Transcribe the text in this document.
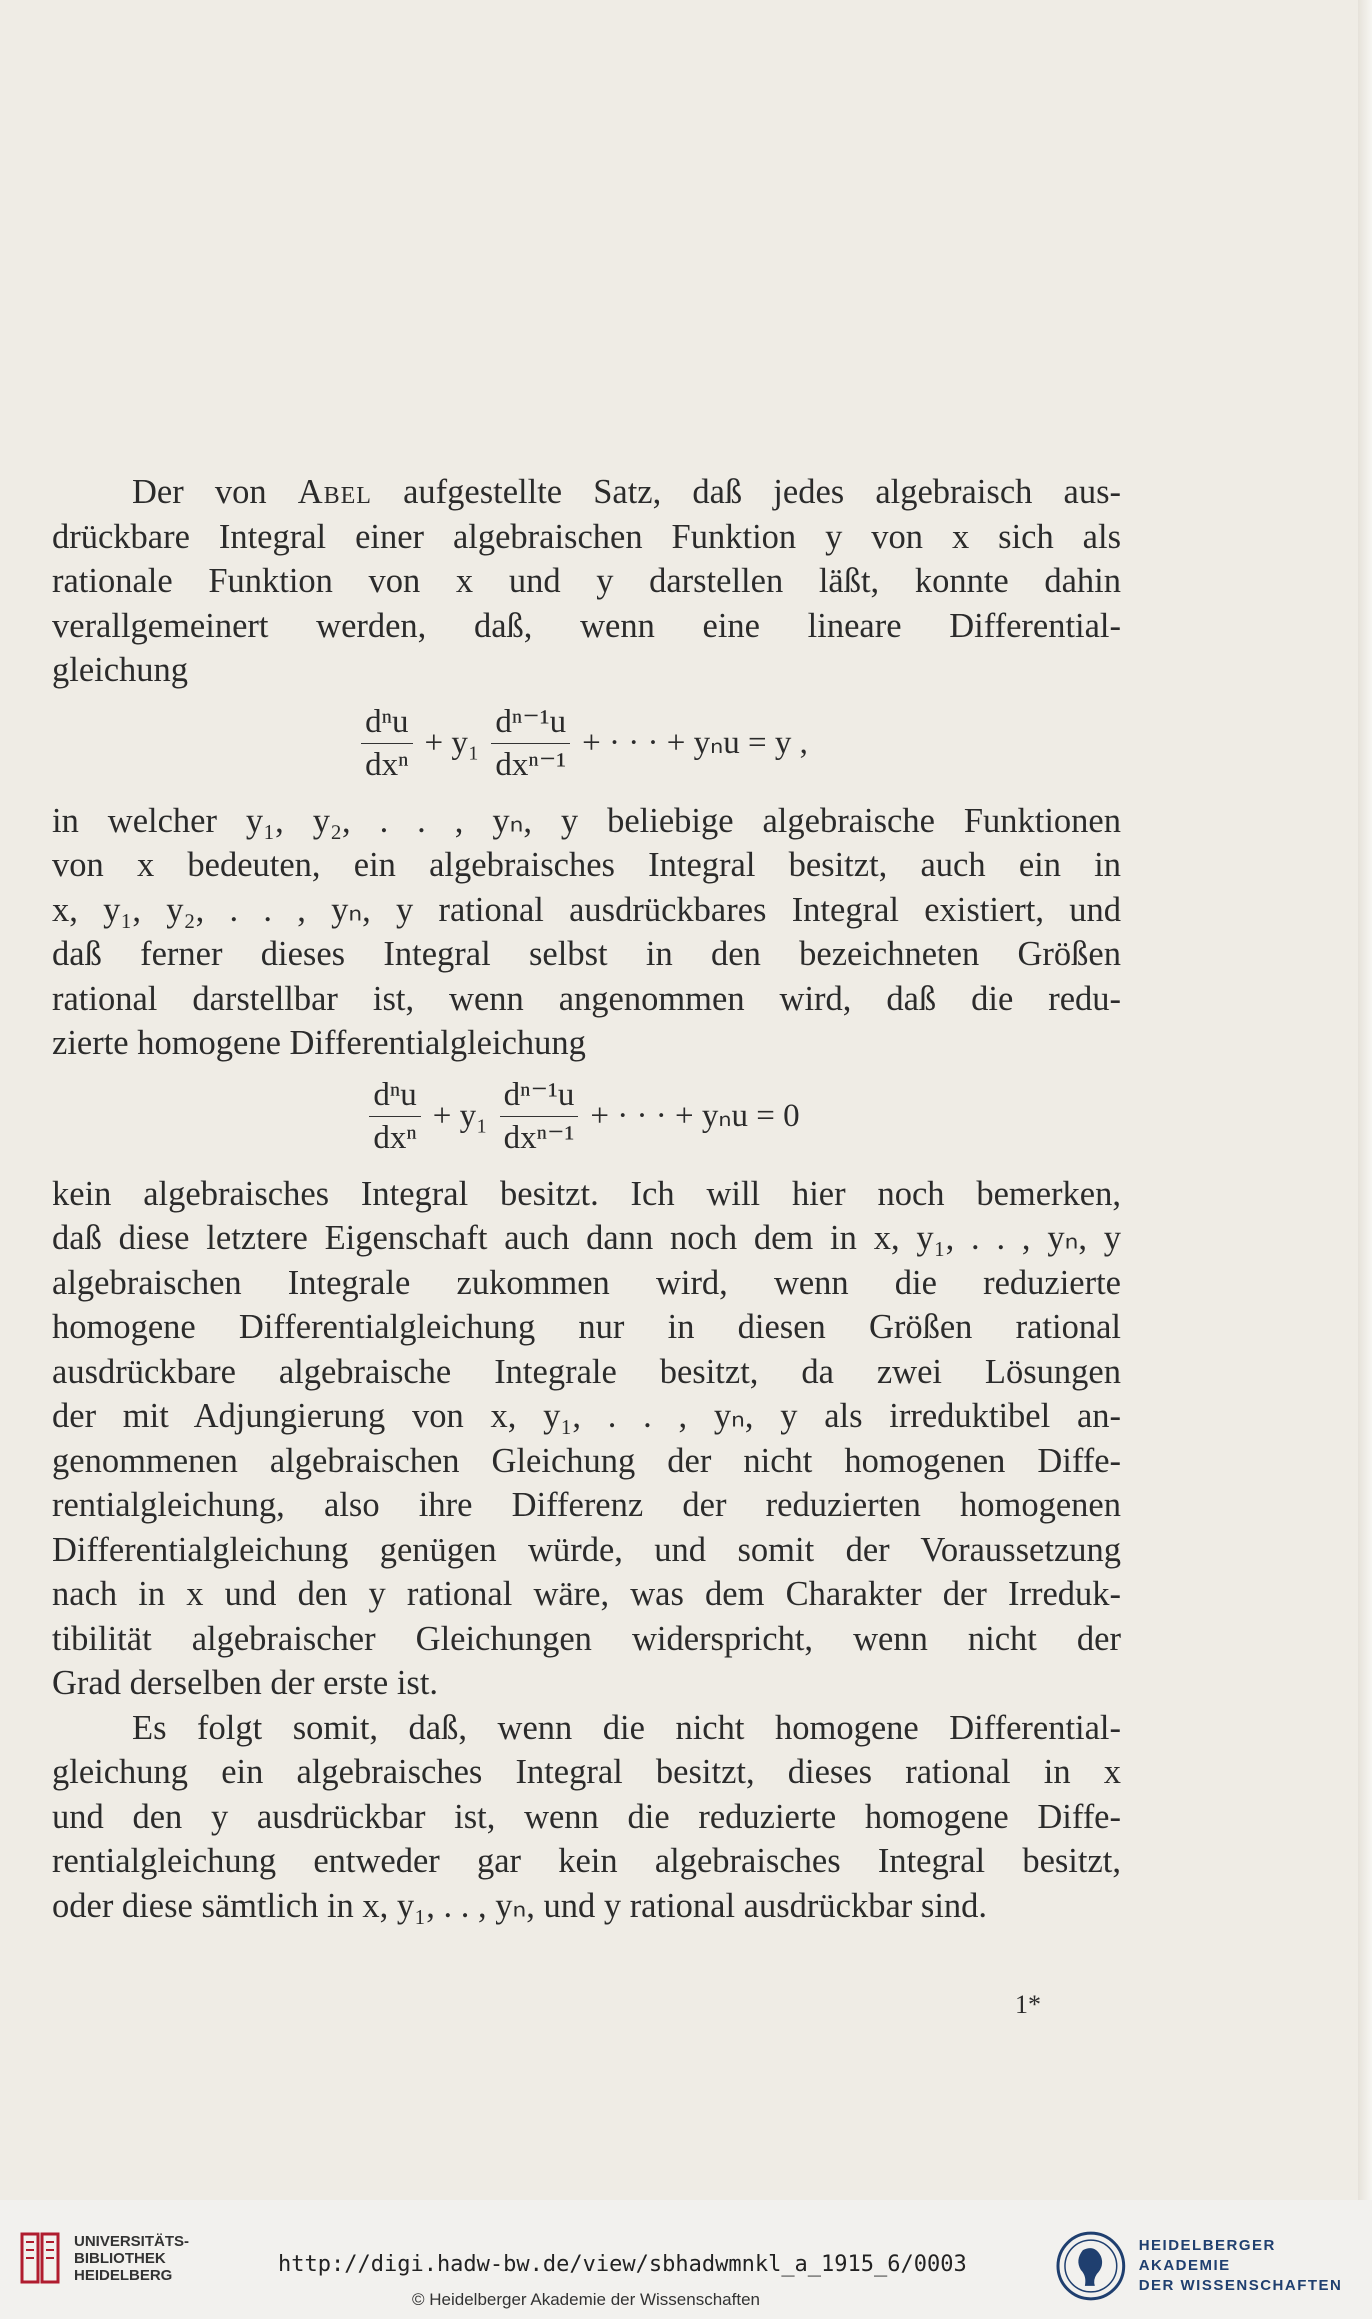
Der von Abel aufgestellte Satz, daß jedes algebraisch aus-
drückbare Integral einer algebraischen Funktion y von x sich als
rationale Funktion von x und y darstellen läßt, konnte dahin
verallgemeinert werden, daß, wenn eine lineare Differential-
gleichung

$\frac{\text{dⁿu}}{\text{dxⁿ}} + y_1 \frac{\text{dⁿ⁻¹u}}{\text{dxⁿ⁻¹}}$ + · · · + yₙu = y ,

in welcher y₁, y₂, . . , yₙ, y beliebige algebraische Funktionen
von x bedeuten, ein algebraisches Integral besitzt, auch ein in
x, y₁, y₂, . . , yₙ, y rational ausdrückbares Integral existiert, und
daß ferner dieses Integral selbst in den bezeichneten Größen
rational darstellbar ist, wenn angenommen wird, daß die redu-
zierte homogene Differentialgleichung

$\frac{\text{dⁿu}}{\text{dxⁿ}} + y_1 \frac{\text{dⁿ⁻¹u}}{\text{dxⁿ⁻¹}}$ + · · · + yₙu = 0

kein algebraisches Integral besitzt. Ich will hier noch bemerken,
daß diese letztere Eigenschaft auch dann noch dem in x, y₁, . . , yₙ, y
algebraischen Integrale zukommen wird, wenn die reduzierte
homogene Differentialgleichung nur in diesen Größen rational
ausdrückbare algebraische Integrale besitzt, da zwei Lösungen
der mit Adjungierung von x, y₁, . . , yₙ, y als irreduktibel an-
genommenen algebraischen Gleichung der nicht homogenen Diffe-
rentialgleichung, also ihre Differenz der reduzierten homogenen
Differentialgleichung genügen würde, und somit der Voraussetzung
nach in x und den y rational wäre, was dem Charakter der Irreduk-
tibilität algebraischer Gleichungen widerspricht, wenn nicht der
Grad derselben der erste ist.

Es folgt somit, daß, wenn die nicht homogene Differential-
gleichung ein algebraisches Integral besitzt, dieses rational in x
und den y ausdrückbar ist, wenn die reduzierte homogene Diffe-
rentialgleichung entweder gar kein algebraisches Integral besitzt,
oder diese sämtlich in x, y₁, . . , yₙ, und y rational ausdrückbar sind.

1*
UNIVERSITÄTS-
BIBLIOTHEK
HEIDELBERG	http://digi.hadw-bw.de/view/sbhadwmnkl_a_1915_6/0003
© Heidelberger Akademie der Wissenschaften
HEIDELBERGER AKADEMIE
DER WISSENSCHAFTEN
